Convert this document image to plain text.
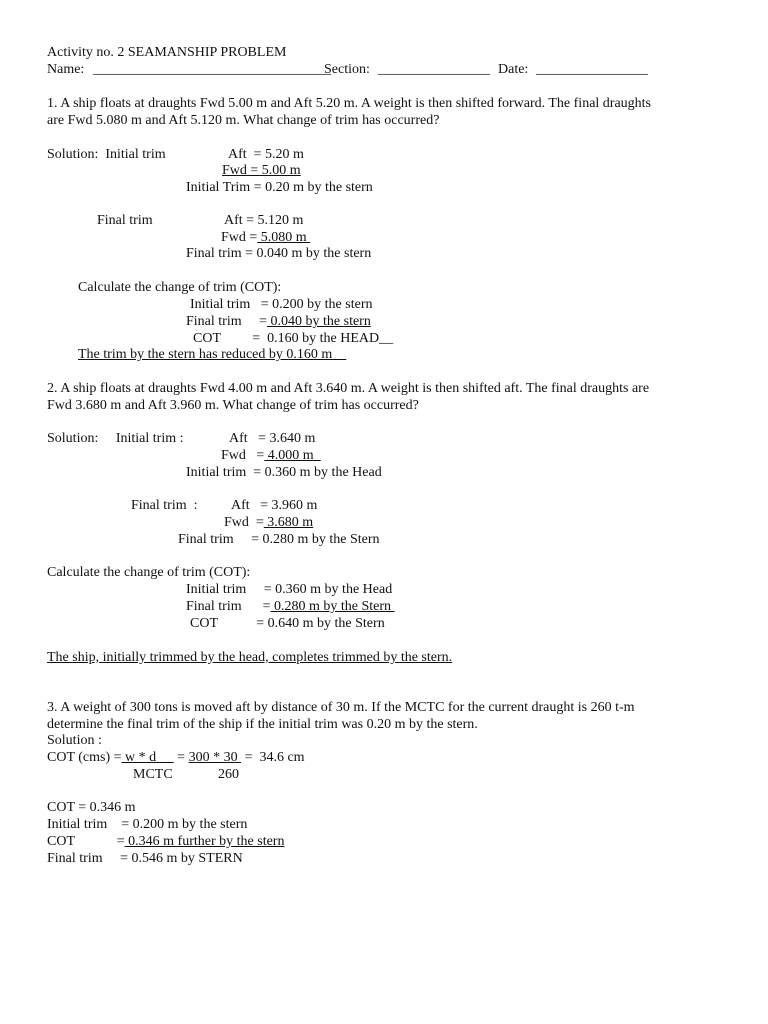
Activity no. 2 SEAMANSHIP PROBLEM
Name: __________________________________
Section: ________________ Date: ________________
1. A ship floats at draughts Fwd 5.00 m and Aft 5.20 m. A weight is then shifted forward. The final draughts
are Fwd 5.080 m and Aft 5.120 m. What change of trim has occurred?
Solution:  Initial trim	Aft  = 5.20 m
Fwd = 5.00 m
Initial Trim = 0.20 m by the stern
Final trim	Aft = 5.120 m
Fwd = 5.080 m
Final trim = 0.040 m by the stern
Calculate the change of trim (COT):
Initial trim   = 0.200 by the stern
Final trim     = 0.040 by the stern
COT         =  0.160 by the HEAD__
The trim by the stern has reduced by 0.160 m
2. A ship floats at draughts Fwd 4.00 m and Aft 3.640 m. A weight is then shifted aft. The final draughts are
Fwd 3.680 m and Aft 3.960 m. What change of trim has occurred?
Solution:     Initial trim :	Aft   = 3.640 m
Fwd   = 4.000 m
Initial trim  = 0.360 m by the Head
Final trim  : Aft   = 3.960 m
Fwd  = 3.680 m
Final trim     = 0.280 m by the Stern
Calculate the change of trim (COT):
Initial trim     = 0.360 m by the Head
Final trim      = 0.280 m by the Stern
COT           = 0.640 m by the Stern
The ship, initially trimmed by the head, completes trimmed by the stern.
3. A weight of 300 tons is moved aft by distance of 30 m. If the MCTC for the current draught is 260 t-m
determine the final trim of the ship if the initial trim was 0.20 m by the stern.
Solution :
COT (cms) = w * d      = 300 * 30  =  34.6 cm
MCTC	260
COT = 0.346 m
Initial trim    = 0.200 m by the stern
COT            = 0.346 m further by the stern
Final trim     = 0.546 m by STERN
